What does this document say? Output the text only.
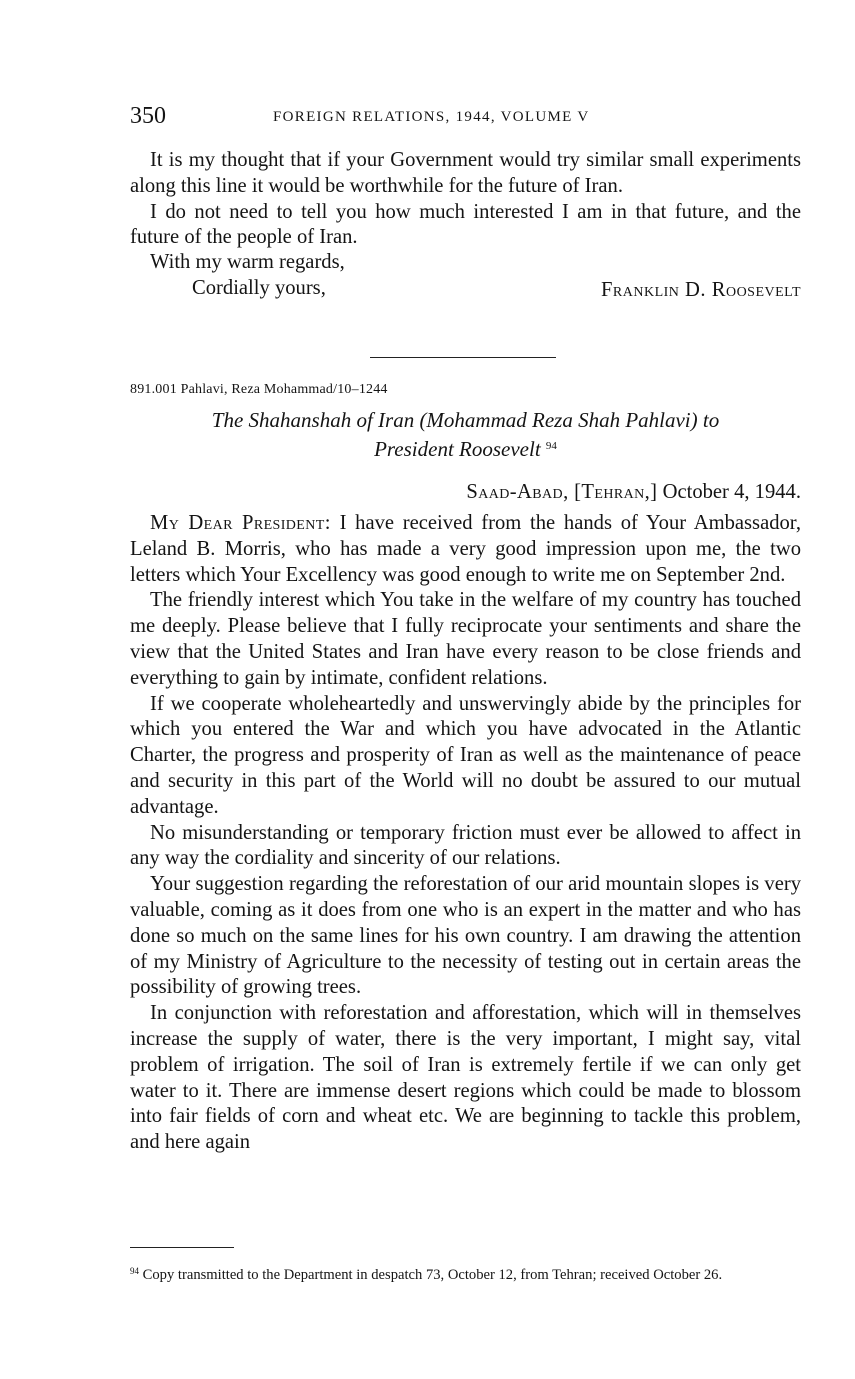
350	FOREIGN RELATIONS, 1944, VOLUME V

It is my thought that if your Government would try similar small experiments along this line it would be worthwhile for the future of Iran.

I do not need to tell you how much interested I am in that future, and the future of the people of Iran.

With my warm regards,
Cordially yours,	Franklin D. Roosevelt
891.001 Pahlavi, Reza Mohammad/10–1244
The Shahanshah of Iran (Mohammad Reza Shah Pahlavi) to
President Roosevelt $^{94}$
Saad-Abad, [Tehran,] October 4, 1944.

My Dear President: I have received from the hands of Your Ambassador, Leland B. Morris, who has made a very good impression upon me, the two letters which Your Excellency was good enough to write me on September 2nd.

The friendly interest which You take in the welfare of my country has touched me deeply. Please believe that I fully reciprocate your sentiments and share the view that the United States and Iran have every reason to be close friends and everything to gain by intimate, confident relations.

If we cooperate wholeheartedly and unswervingly abide by the principles for which you entered the War and which you have advocated in the Atlantic Charter, the progress and prosperity of Iran as well as the maintenance of peace and security in this part of the World will no doubt be assured to our mutual advantage.

No misunderstanding or temporary friction must ever be allowed to affect in any way the cordiality and sincerity of our relations.

Your suggestion regarding the reforestation of our arid mountain slopes is very valuable, coming as it does from one who is an expert in the matter and who has done so much on the same lines for his own country. I am drawing the attention of my Ministry of Agriculture to the necessity of testing out in certain areas the possibility of growing trees.

In conjunction with reforestation and afforestation, which will in themselves increase the supply of water, there is the very important, I might say, vital problem of irrigation. The soil of Iran is extremely fertile if we can only get water to it. There are immense desert regions which could be made to blossom into fair fields of corn and wheat etc. We are beginning to tackle this problem, and here again

$^{94}$ Copy transmitted to the Department in despatch 73, October 12, from Tehran; received October 26.
